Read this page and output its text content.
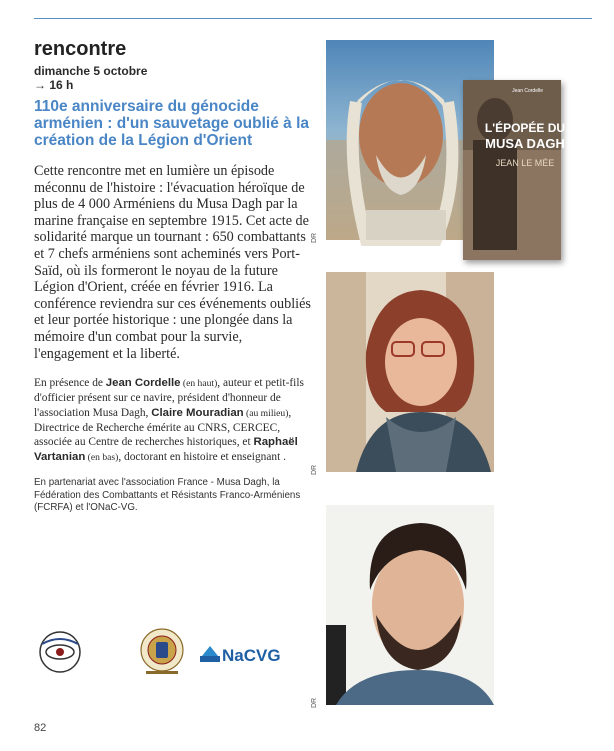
rencontre
dimanche 5 octobre
→ 16 h
110e anniversaire du génocide arménien : d'un sauvetage oublié à la création de la Légion d'Orient
Cette rencontre met en lumière un épisode méconnu de l'histoire : l'évacuation héroïque de plus de 4 000 Arméniens du Musa Dagh par la marine française en septembre 1915. Cet acte de solidarité marque un tournant : 650 combattants et 7 chefs arméniens sont acheminés vers Port-Saïd, où ils formeront le noyau de la future Légion d'Orient, créée en février 1916. La conférence reviendra sur ces événements oubliés et leur portée historique : une plongée dans la mémoire d'un combat pour la survie, l'engagement et la liberté.
En présence de Jean Cordelle (en haut), auteur et petit-fils d'officier présent sur ce navire, président d'honneur de l'association Musa Dagh, Claire Mouradian (au milieu), Directrice de Recherche émérite au CNRS, CERCEC, associée au Centre de recherches historiques, et Raphaël Vartanian (en bas), doctorant en histoire et enseignant .
En partenariat avec l'association France - Musa Dagh, la Fédération des Combattants et Résistants Franco-Arméniens (FCRFA) et l'ONaC-VG.
NaCVG
82
Jean Cordelle
L'ÉPOPÉE DU
MUSA DAGH
JEAN LE MÉE
DR
DR
DR
